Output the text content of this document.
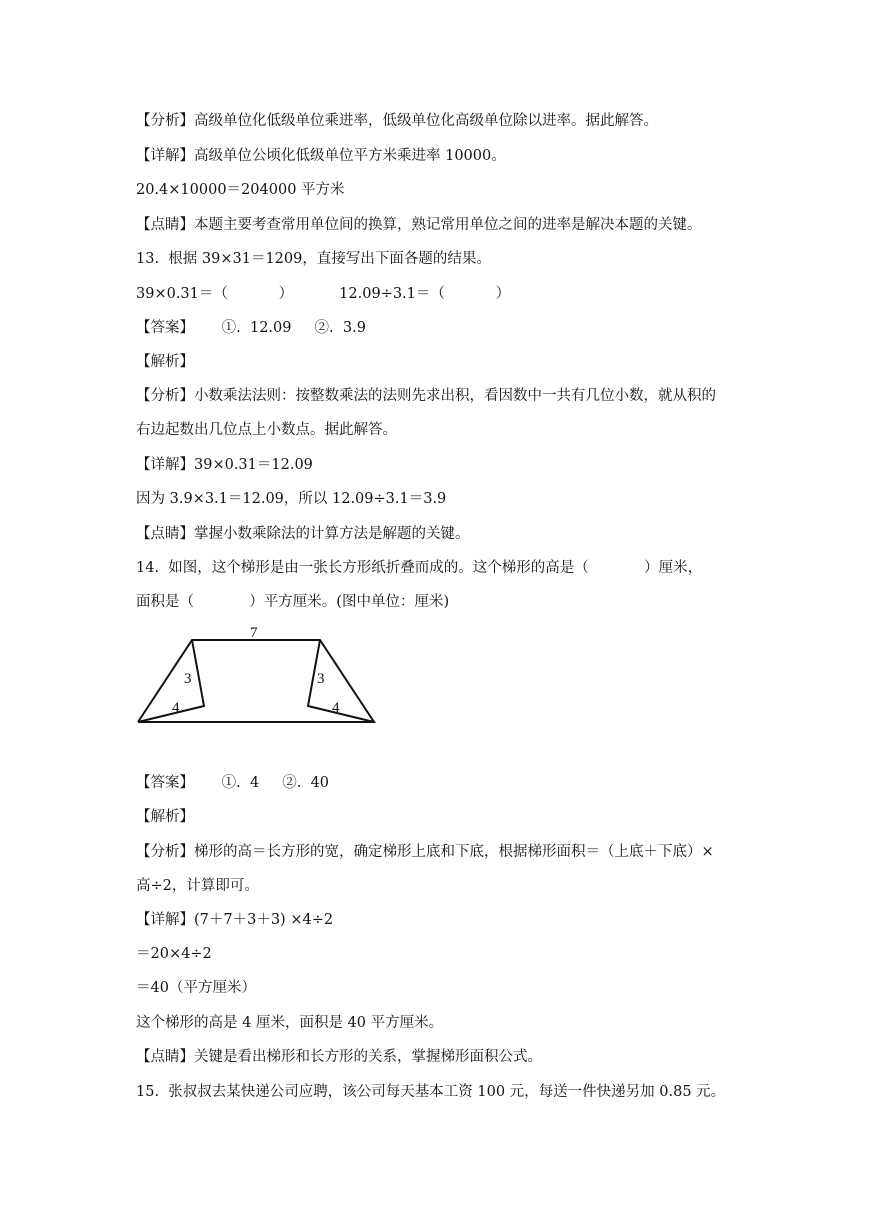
【分析】高级单位化低级单位乘进率，低级单位化高级单位除以进率。据此解答。
【详解】高级单位公顷化低级单位平方米乘进率 10000。
20.4×10000＝204000 平方米
【点睛】本题主要考查常用单位间的换算，熟记常用单位之间的进率是解决本题的关键。
13.  根据 39×31＝1209，直接写出下面各题的结果。
39×0.31＝（           ）          12.09÷3.1＝（           ）
【答案】      ①.  12.09     ②.  3.9
【解析】
【分析】小数乘法法则：按整数乘法的法则先求出积，看因数中一共有几位小数，就从积的
右边起数出几位点上小数点。据此解答。
【详解】39×0.31＝12.09
因为 3.9×3.1＝12.09，所以 12.09÷3.1＝3.9
【点睛】掌握小数乘除法的计算方法是解题的关键。
14.  如图，这个梯形是由一张长方形纸折叠而成的。这个梯形的高是（            ）厘米，
面积是（            ）平方厘米。(图中单位：厘米)
7
3
4
3
4
【答案】      ①.  4     ②.  40
【解析】
【分析】梯形的高＝长方形的宽，确定梯形上底和下底，根据梯形面积＝（上底＋下底）×
高÷2，计算即可。
【详解】(7＋7＋3＋3) ×4÷2
＝20×4÷2
＝40（平方厘米）
这个梯形的高是 4 厘米，面积是 40 平方厘米。
【点睛】关键是看出梯形和长方形的关系，掌握梯形面积公式。
15.  张叔叔去某快递公司应聘，该公司每天基本工资 100 元，每送一件快递另加 0.85 元。
